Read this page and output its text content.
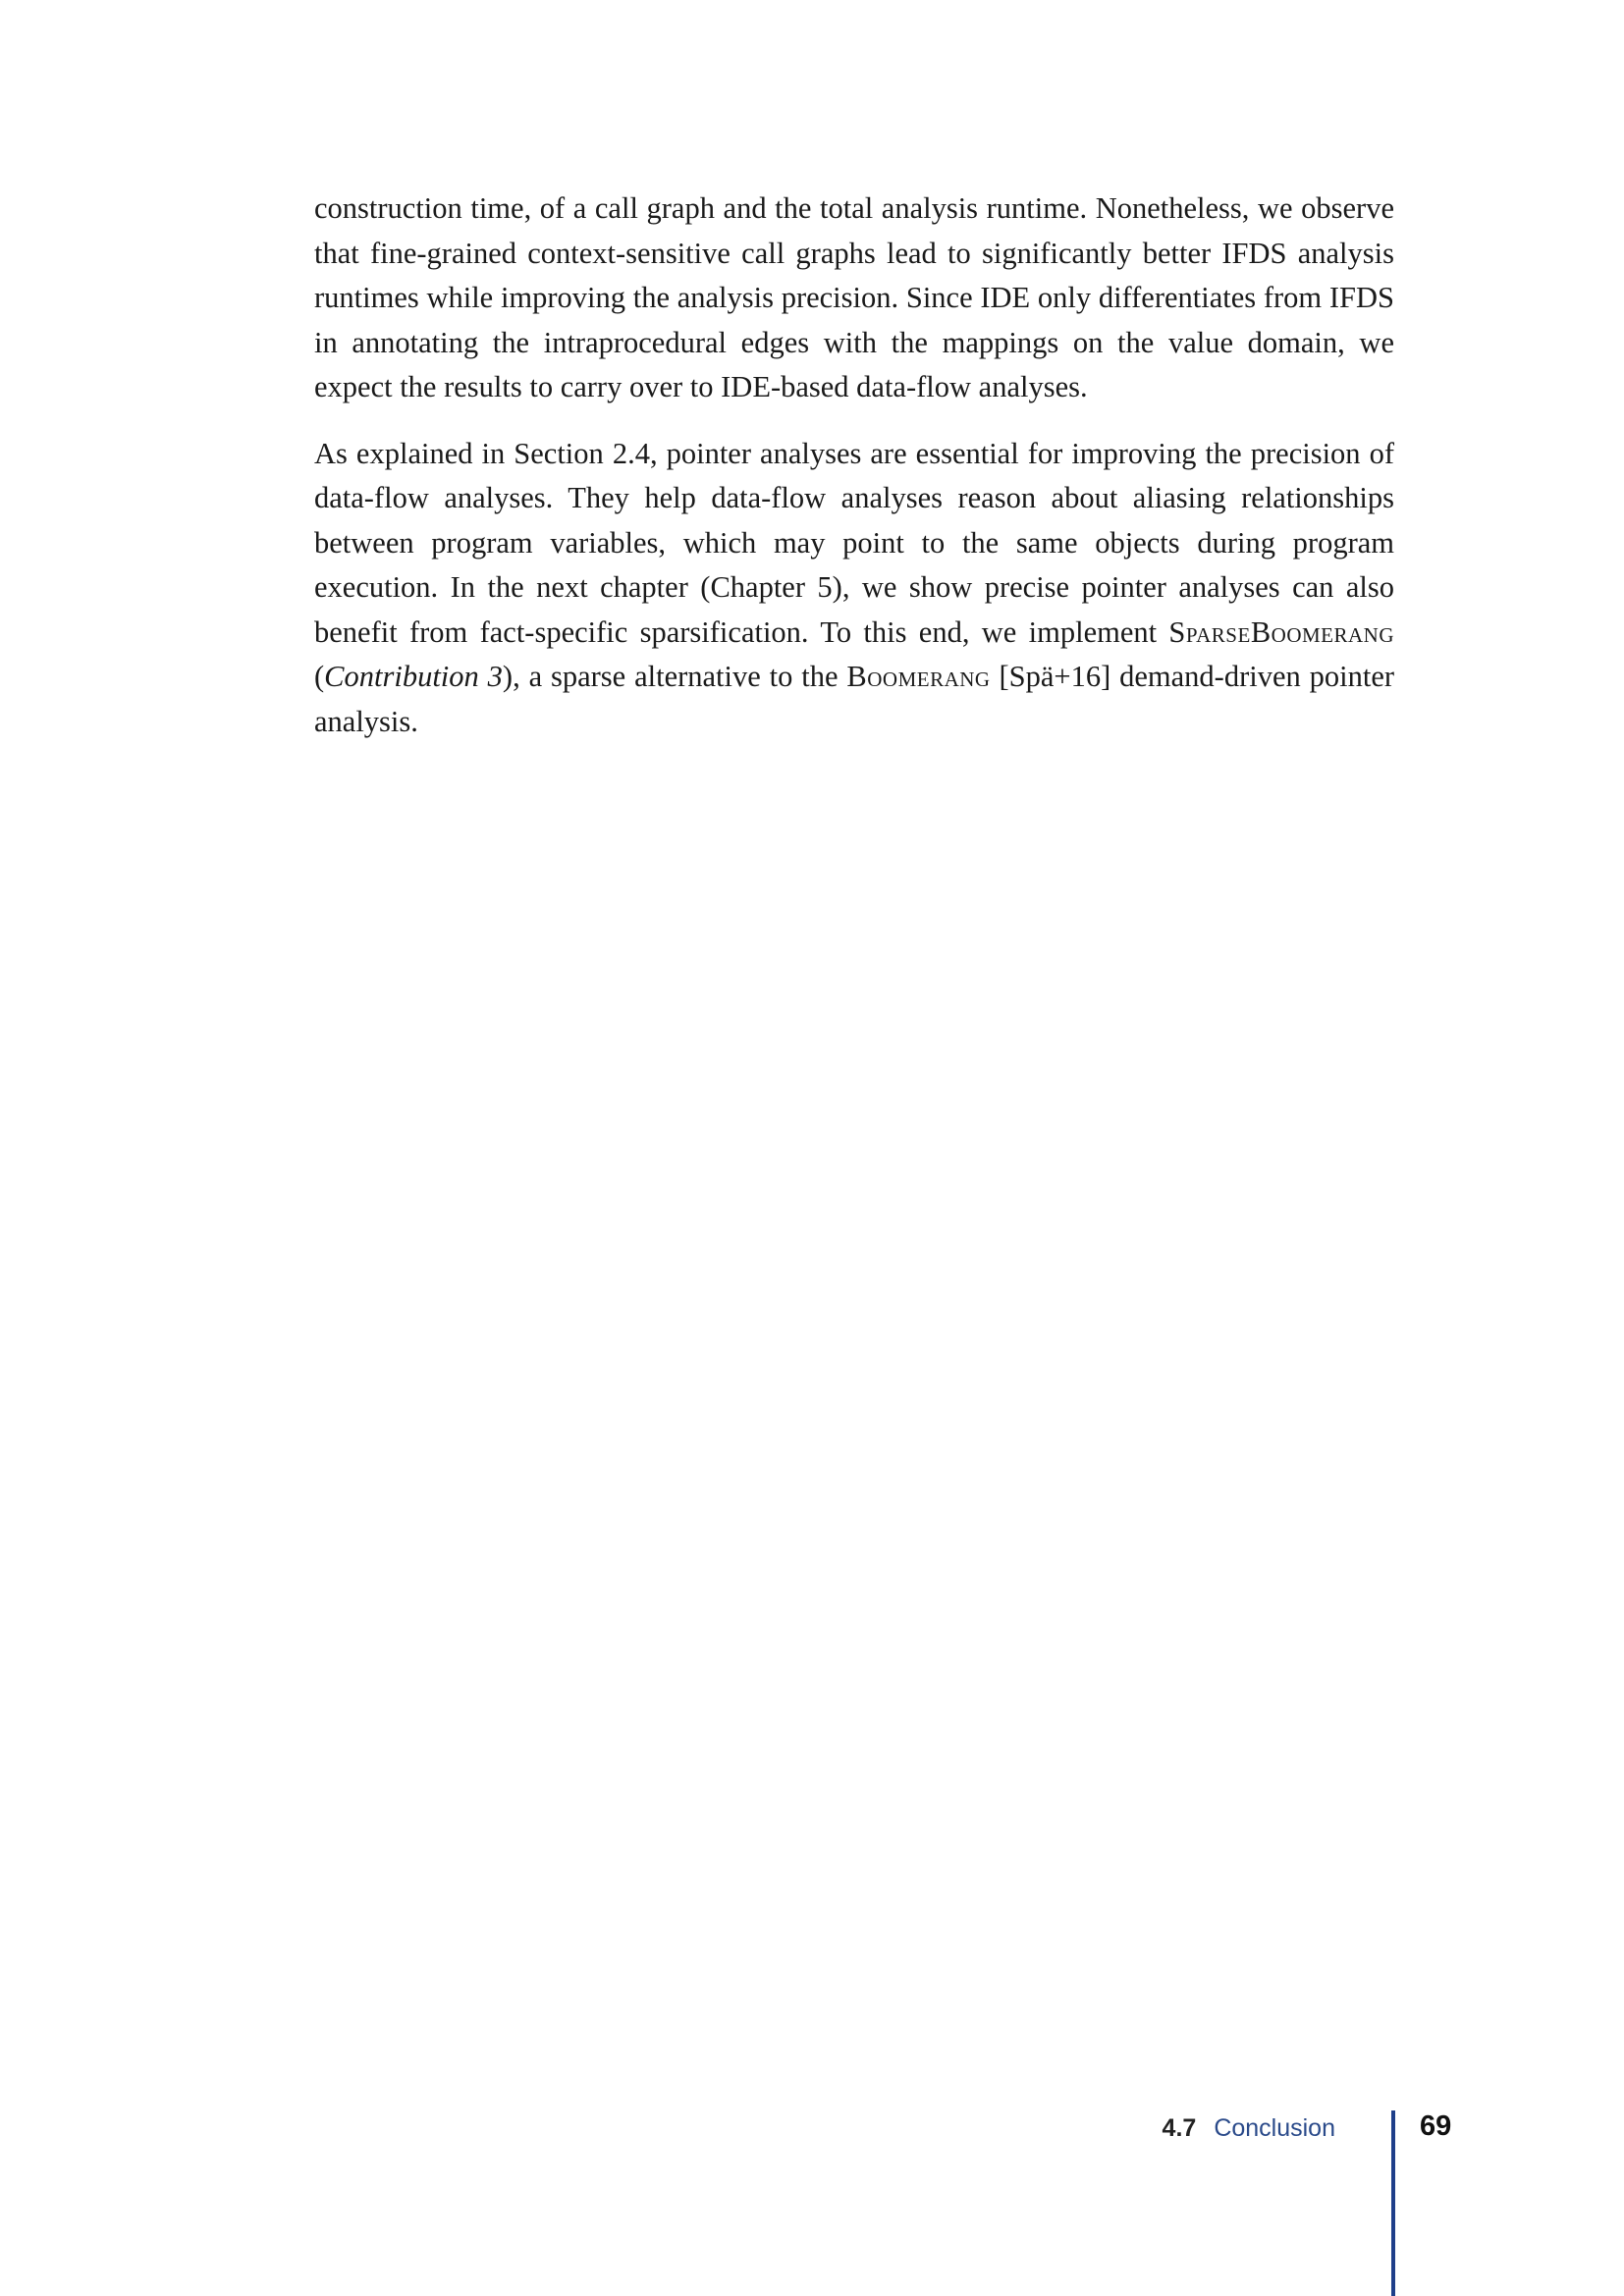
construction time, of a call graph and the total analysis runtime. Nonetheless, we observe that fine-grained context-sensitive call graphs lead to significantly better IFDS analysis runtimes while improving the analysis precision. Since IDE only differentiates from IFDS in annotating the intraprocedural edges with the mappings on the value domain, we expect the results to carry over to IDE-based data-flow analyses.

As explained in Section 2.4, pointer analyses are essential for improving the precision of data-flow analyses. They help data-flow analyses reason about aliasing relationships between program variables, which may point to the same objects during program execution. In the next chapter (Chapter 5), we show precise pointer analyses can also benefit from fact-specific sparsification. To this end, we implement SparseBoomerang (Contribution 3), a sparse alternative to the Boomerang [Spä+16] demand-driven pointer analysis.

4.7 Conclusion	69
